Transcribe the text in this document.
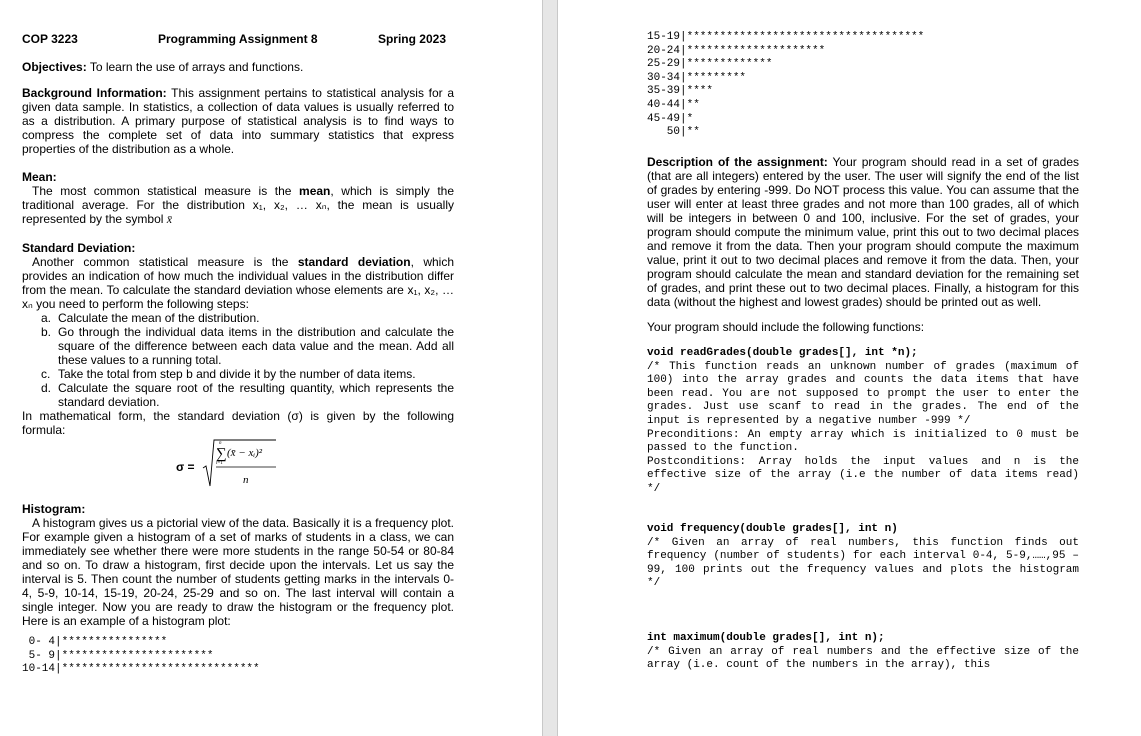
COP 3223	Programming Assignment 8	Spring 2023
Objectives: To learn the use of arrays and functions.
Background Information: This assignment pertains to statistical analysis for a given data sample. In statistics, a collection of data values is usually referred to as a distribution. A primary purpose of statistical analysis is to find ways to compress the complete set of data into summary statistics that express properties of the distribution as a whole.
Mean:
The most common statistical measure is the mean, which is simply the traditional average. For the distribution x₁, x₂, … xₙ, the mean is usually represented by the symbol x̄
Standard Deviation:
Another common statistical measure is the standard deviation, which provides an indication of how much the individual values in the distribution differ from the mean. To calculate the standard deviation whose elements are x₁, x₂, … xₙ you need to perform the following steps:
a. Calculate the mean of the distribution.
b. Go through the individual data items in the distribution and calculate the square of the difference between each data value and the mean. Add all these values to a running total.
c. Take the total from step b and divide it by the number of data items.
d. Calculate the square root of the resulting quantity, which represents the standard deviation.
In mathematical form, the standard deviation (σ) is given by the following formula:
σ =
n
∑
i=1
(x̄ − xᵢ)²
n
Histogram:
A histogram gives us a pictorial view of the data. Basically it is a frequency plot. For example given a histogram of a set of marks of students in a class, we can immediately see whether there were more students in the range 50-54 or 80-84 and so on. To draw a histogram, first decide upon the intervals. Let us say the interval is 5. Then count the number of students getting marks in the intervals 0-4, 5-9, 10-14, 15-19, 20-24, 25-29 and so on. The last interval will contain a single integer. Now you are ready to draw the histogram or the frequency plot. Here is an example of a histogram plot:
0- 4|****************
5- 9|***********************
10-14|******************************
15-19|************************************
20-24|*********************
25-29|*************
30-34|*********
35-39|****
40-44|**
45-49|*
50|**
Description of the assignment: Your program should read in a set of grades (that are all integers) entered by the user. The user will signify the end of the list of grades by entering -999. Do NOT process this value. You can assume that the user will enter at least three grades and not more than 100 grades, all of which will be integers in between 0 and 100, inclusive. For the set of grades, your program should compute the minimum value, print this out to two decimal places and remove it from the data. Then your program should compute the maximum value, print it out to two decimal places and remove it from the data. Then, your program should calculate the mean and standard deviation for the remaining set of grades, and print these out to two decimal places. Finally, a histogram for this data (without the highest and lowest grades) should be printed out as well.
Your program should include the following functions:
void readGrades(double grades[], int *n);
/* This function reads an unknown number of grades (maximum of 100) into the array grades and counts the data items that have been read. You are not supposed to prompt the user to enter the grades. Just use scanf to read in the grades. The end of the input is represented by a negative number -999 */
Preconditions: An empty array which is initialized to 0 must be passed to the function.
Postconditions: Array holds the input values and n is the effective size of the array (i.e the number of data items read) */
void frequency(double grades[], int n)
/* Given an array of real numbers, this function finds out frequency (number of students) for each interval 0-4, 5-9,……,95 – 99, 100 prints out the frequency values and plots the histogram */
int maximum(double grades[], int n);
/* Given an array of real numbers and the effective size of the array (i.e. count of the numbers in the array), this
